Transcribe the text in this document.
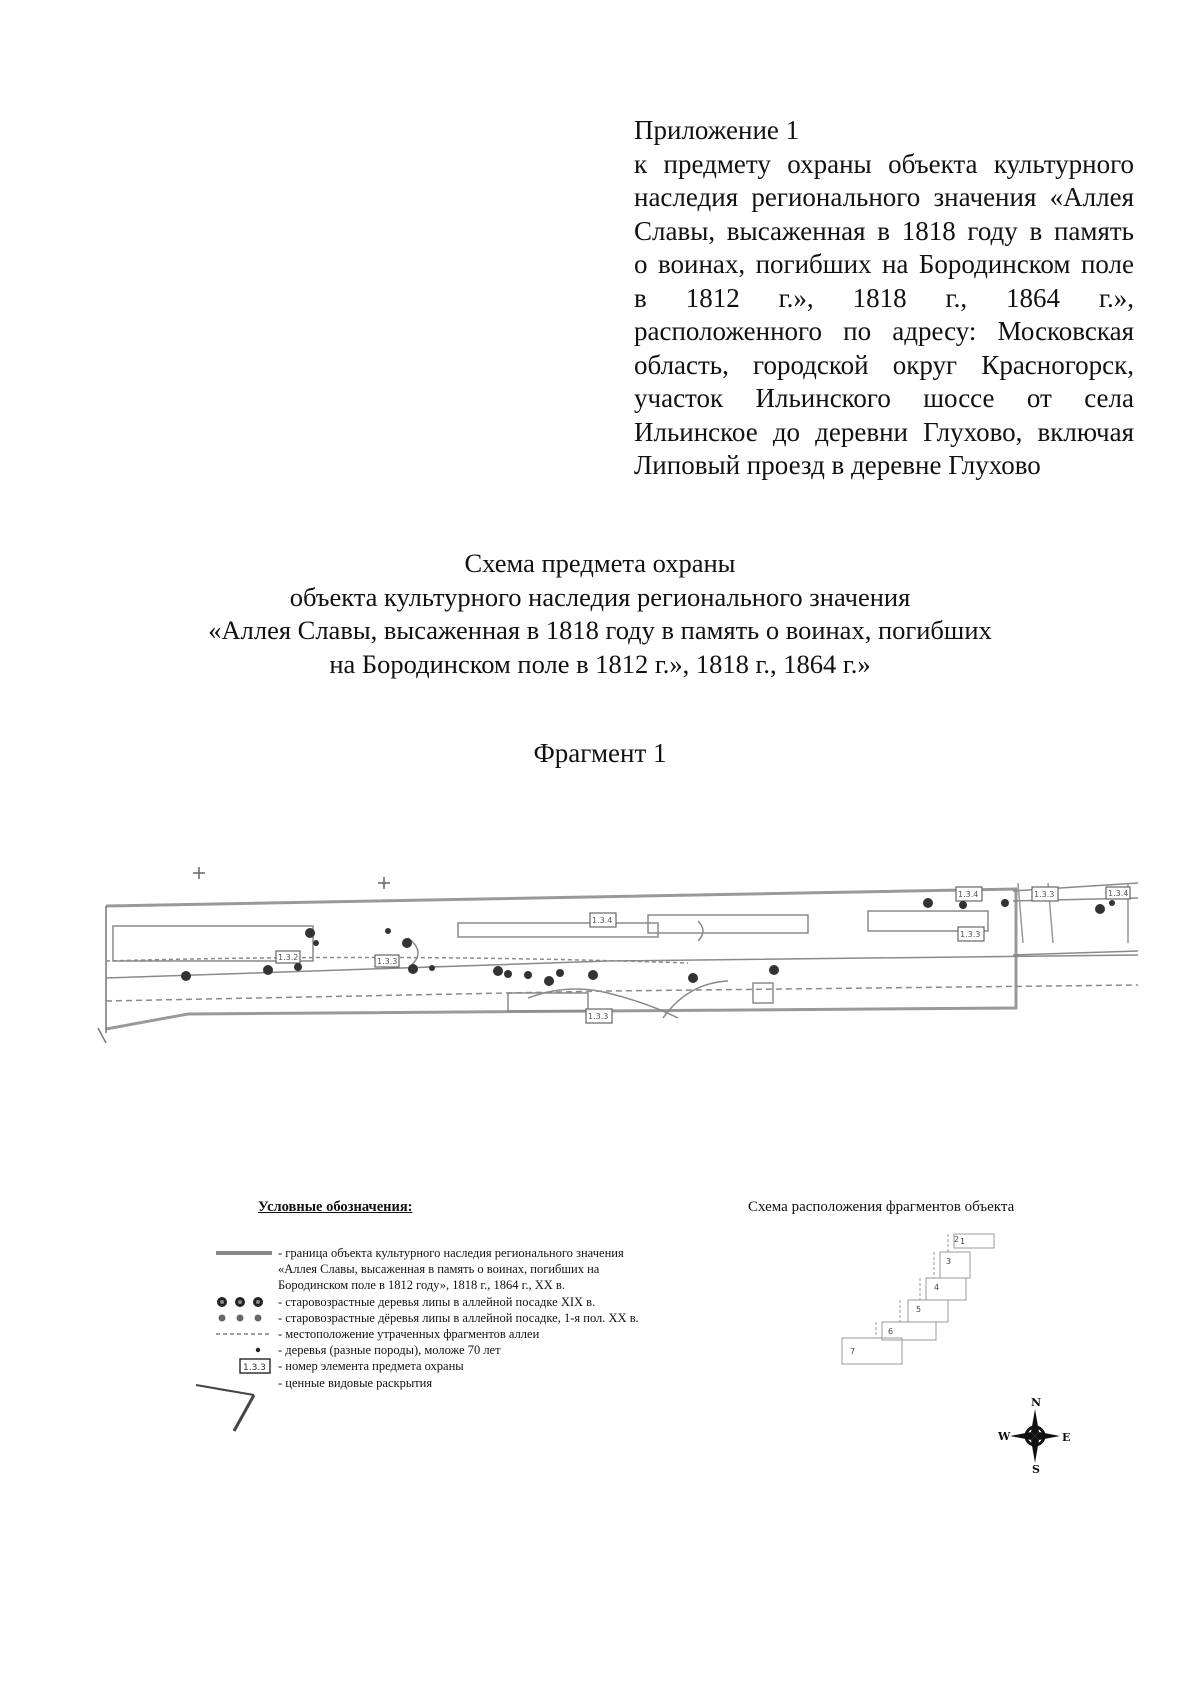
Приложение 1
к предмету охраны объекта культурного
наследия регионального значения «Аллея
Славы, высаженная в 1818 году в память
о воинах, погибших на Бородинском поле
в 1812 г.», 1818 г., 1864 г.»,
расположенного по адресу: Московская
область, городской округ Красногорск,
участок Ильинского шоссе от села
Ильинское до деревни Глухово, включая
Липовый проезд в деревне Глухово
Схема предмета охраны
объекта культурного наследия регионального значения
«Аллея Славы, высаженная в 1818 году в память о воинах, погибших
на Бородинском поле в 1812 г.», 1818 г., 1864 г.»
Фрагмент 1
1.3.4
1.3.3
1.3.2
1.3.3
1.3.4	1.3.3
1.3.3
1.3.4
Условные обозначения:	Схема расположения фрагментов объекта
- граница объекта культурного наследия регионального значения
«Аллея Славы, высаженная в память о воинах, погибших на
Бородинском поле в 1812 году», 1818 г., 1864 г., XX в.
- старовозрастные деревья липы в аллейной посадке XIX в.
- старовозрастные дёревья липы в аллейной посадке, 1-я пол. XX в.
- местоположение утраченных фрагментов аллеи
- деревья (разные породы), моложе 70 лет
1.3.3 - номер элемента предмета охраны
- ценные видовые раскрытия
1
2
3
4
5
6
7
N
S
W	E
